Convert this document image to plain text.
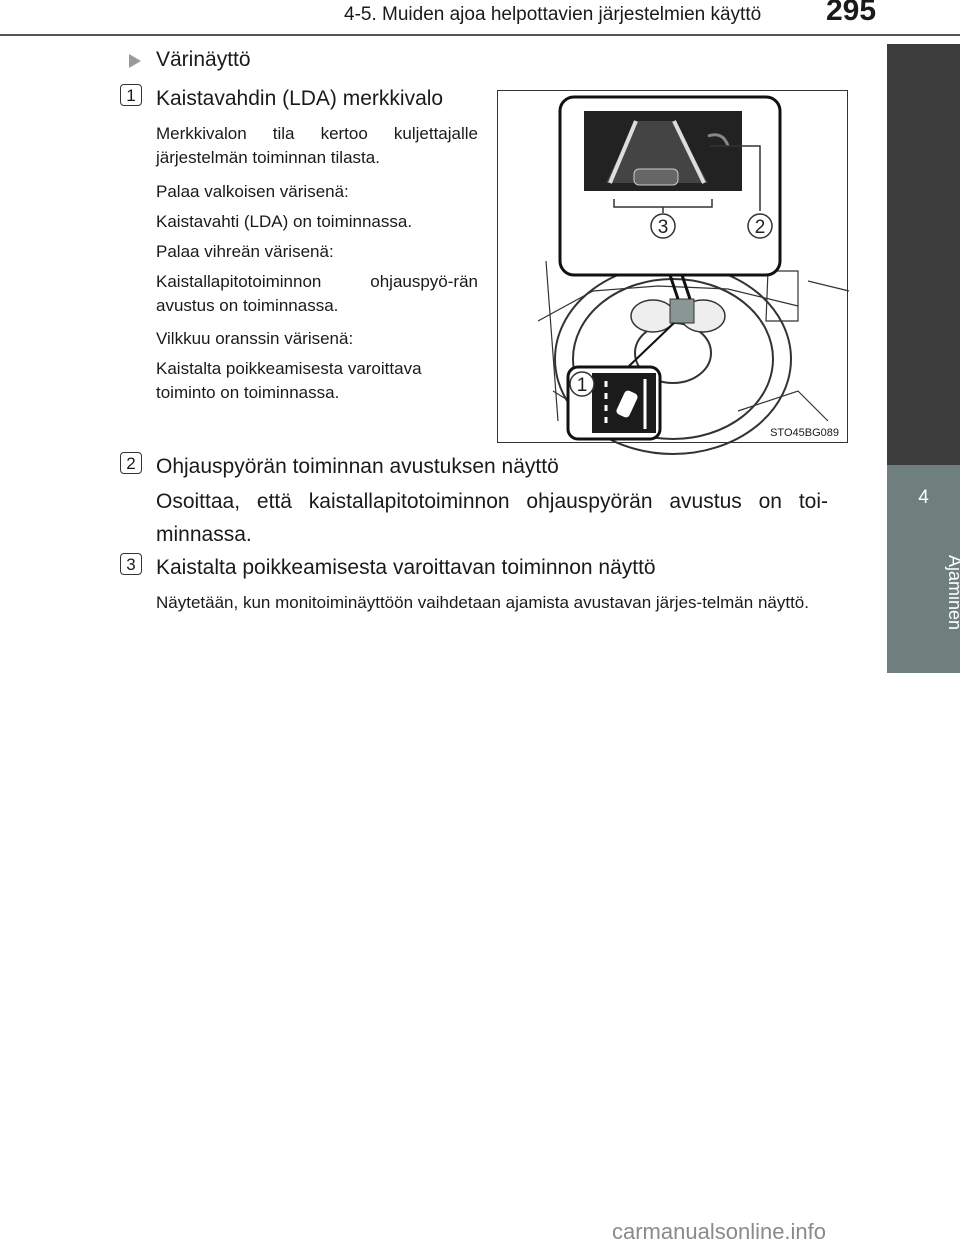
4-5. Muiden ajoa helpottavien järjestelmien käyttö 295
4
Ajaminen
Värinäyttö
1 Kaistavahdin (LDA) merkkivalo
Merkkivalon tila kertoo kuljettajalle järjestelmän toiminnan tilasta.
Palaa valkoisen värisenä:
Kaistavahti (LDA) on toiminnassa.
Palaa vihreän värisenä:
Kaistallapitotoiminnon ohjauspyö-rän avustus on toiminnassa.
Vilkkuu oranssin värisenä:
Kaistalta poikkeamisesta varoittava toiminto on toiminnassa.
3	2
1
STO45BG089
2 Ohjauspyörän toiminnan avustuksen näyttö
Osoittaa, että kaistallapitotoiminnon ohjauspyörän avustus on toi-minnassa.
3 Kaistalta poikkeamisesta varoittavan toiminnon näyttö
Näytetään, kun monitoiminäyttöön vaihdetaan ajamista avustavan järjes-telmän näyttö.
carmanualsonline.info
